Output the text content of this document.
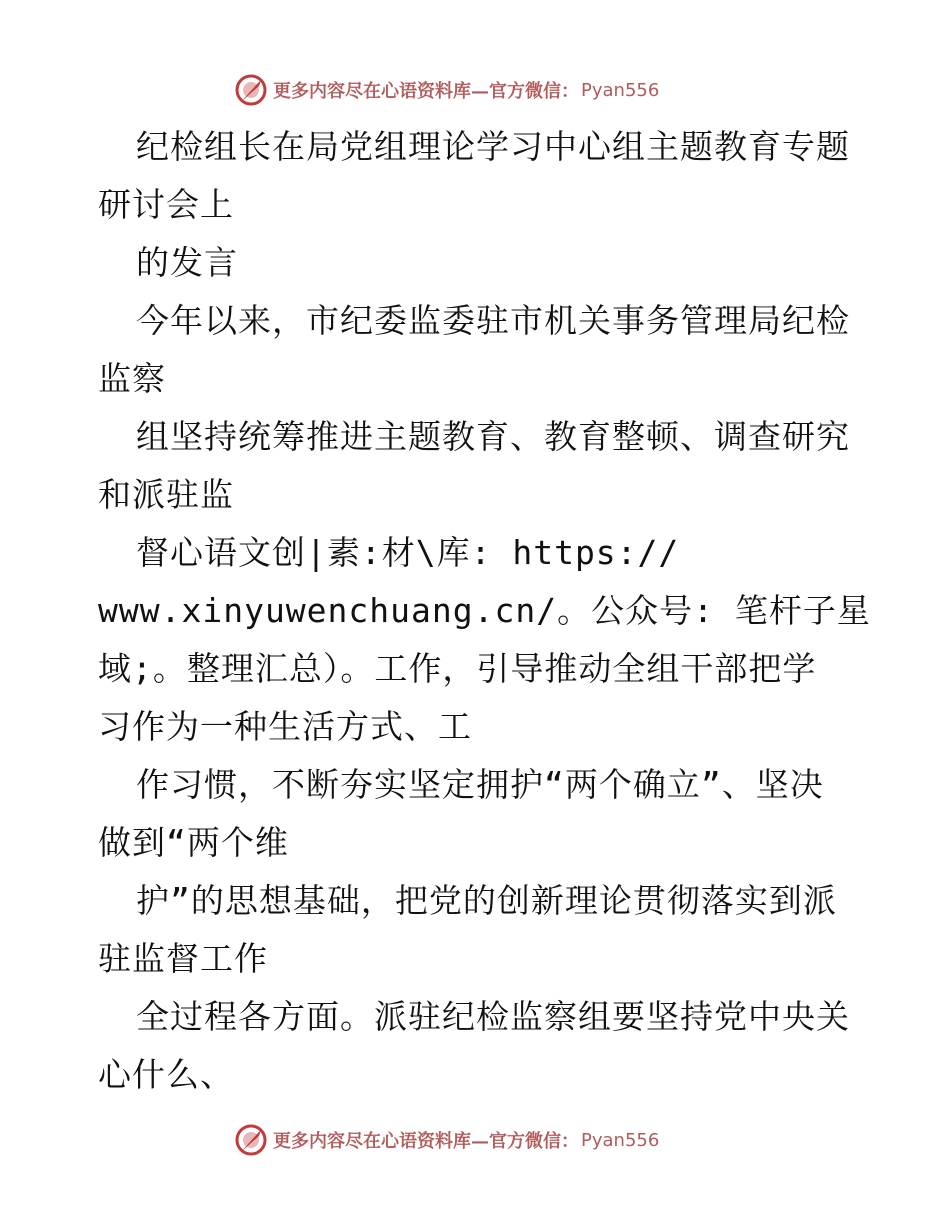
更多内容尽在心语资料库—官方微信： Pyan556
纪检组长在局党组理论学习中心组主题教育专题
研讨会上
的发言
今年以来，市纪委监委驻市机关事务管理局纪检
监察
组坚持统筹推进主题教育、教育整顿、调查研究
和派驻监
督心语文创|素:材\库: https://
www.xinyuwenchuang.cn/。公众号: 笔杆子星
域;。整理汇总）。工作，引导推动全组干部把学
习作为一种生活方式、工
作习惯，不断夯实坚定拥护“两个确立”、坚决
做到“两个维
护”的思想基础，把党的创新理论贯彻落实到派
驻监督工作
全过程各方面。派驻纪检监察组要坚持党中央关
心什么、
更多内容尽在心语资料库—官方微信： Pyan556
